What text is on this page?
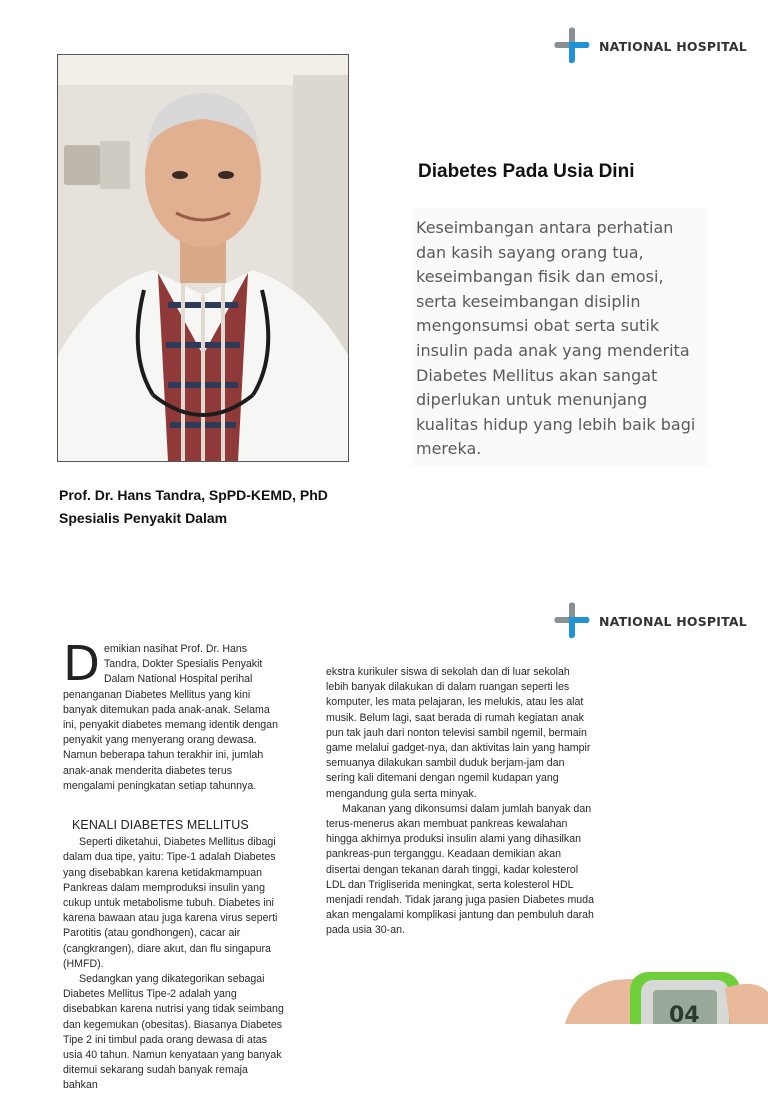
NATIONAL HOSPITAL
Diabetes Pada Usia Dini

Keseimbangan antara perhatian dan kasih sayang orang tua, keseimbangan fisik dan emosi, serta keseimbangan disiplin mengonsumsi obat serta sutik insulin pada anak yang menderita Diabetes Mellitus akan sangat diperlukan untuk menunjang kualitas hidup yang lebih baik bagi mereka.

Prof. Dr. Hans Tandra, SpPD-KEMD, PhD
Spesialis Penyakit Dalam
NATIONAL HOSPITAL

Demikian nasihat Prof. Dr. Hans Tandra, Dokter Spesialis Penyakit Dalam National Hospital perihal penanganan Diabetes Mellitus yang kini banyak ditemukan pada anak-anak. Selama ini, penyakit diabetes memang identik dengan penyakit yang menyerang orang dewasa. Namun beberapa tahun terakhir ini, jumlah anak-anak menderita diabetes terus mengalami peningkatan setiap tahunnya.

KENALI DIABETES MELLITUS

Seperti diketahui, Diabetes Mellitus dibagi dalam dua tipe, yaitu: Tipe-1 adalah Diabetes yang disebabkan karena ketidakmampuan Pankreas dalam memproduksi insulin yang cukup untuk metabolisme tubuh. Diabetes ini karena bawaan atau juga karena virus seperti Parotitis (atau gondhongen), cacar air (cangkrangen), diare akut, dan flu singapura (HMFD).

Sedangkan yang dikategorikan sebagai Diabetes Mellitus Tipe-2 adalah yang disebabkan karena nutrisi yang tidak seimbang dan kegemukan (obesitas). Biasanya Diabetes Tipe 2 ini timbul pada orang dewasa di atas usia 40 tahun. Namun kenyataan yang banyak ditemui sekarang sudah banyak remaja bahkan

ekstra kurikuler siswa di sekolah dan di luar sekolah lebih banyak dilakukan di dalam ruangan seperti les komputer, les mata pelajaran, les melukis, atau les alat musik. Belum lagi, saat berada di rumah kegiatan anak pun tak jauh dari nonton televisi sambil ngemil, bermain game melalui gadget-nya, dan aktivitas lain yang hampir semuanya dilakukan sambil duduk berjam-jam dan sering kali ditemani dengan ngemil kudapan yang mengandung gula serta minyak.

Makanan yang dikonsumsi dalam jumlah banyak dan terus-menerus akan membuat pankreas kewalahan hingga akhirnya produksi insulin alami yang dihasilkan pankreas-pun terganggu. Keadaan demikian akan disertai dengan tekanan darah tinggi, kadar kolesterol LDL dan Trigliserida meningkat, serta kolesterol HDL menjadi rendah. Tidak jarang juga pasien Diabetes muda akan mengalami komplikasi jantung dan pembuluh darah pada usia 30-an.

04
